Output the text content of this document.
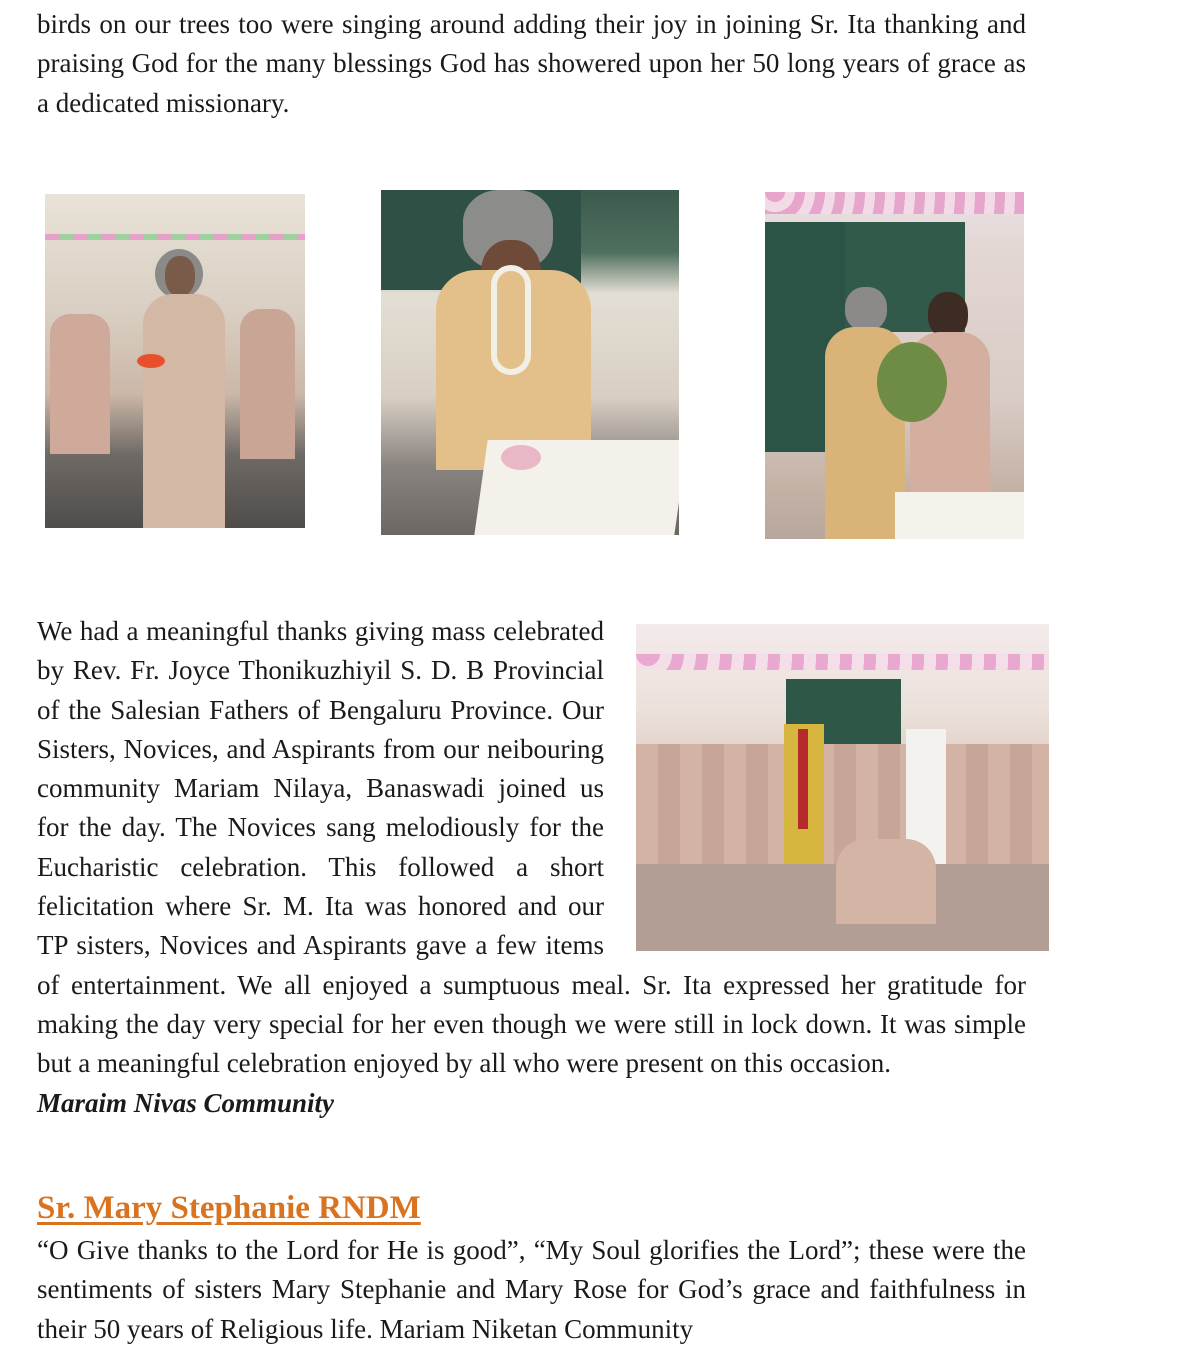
birds on our trees too were singing around adding their joy in joining Sr. Ita thanking and praising God for the many blessings God has showered upon her 50 long years of grace as a dedicated missionary.

We had a meaningful thanks giving mass celebrated by Rev. Fr. Joyce Thonikuzhiyil S. D. B Provincial of the Salesian Fathers of Bengaluru Province. Our Sisters, Novices, and Aspirants from our neibouring community Mariam Nilaya, Banaswadi joined us for the day. The Novices sang melodiously for the Eucharistic celebration. This followed a short felicitation where Sr. M. Ita was honored and our TP sisters, Novices and Aspirants gave a few items of entertainment. We all enjoyed a sumptuous meal. Sr. Ita expressed her gratitude for making the day very special for her even though we were still in lock down. It was simple but a meaningful celebration enjoyed by all who were present on this occasion.
Maraim Nivas Community
Sr. Mary Stephanie RNDM

“O Give thanks to the Lord for He is good”, “My Soul glorifies the Lord”; these were the sentiments of sisters Mary Stephanie and Mary Rose for God’s grace and faithfulness in their 50 years of Religious life. Mariam Niketan Community
